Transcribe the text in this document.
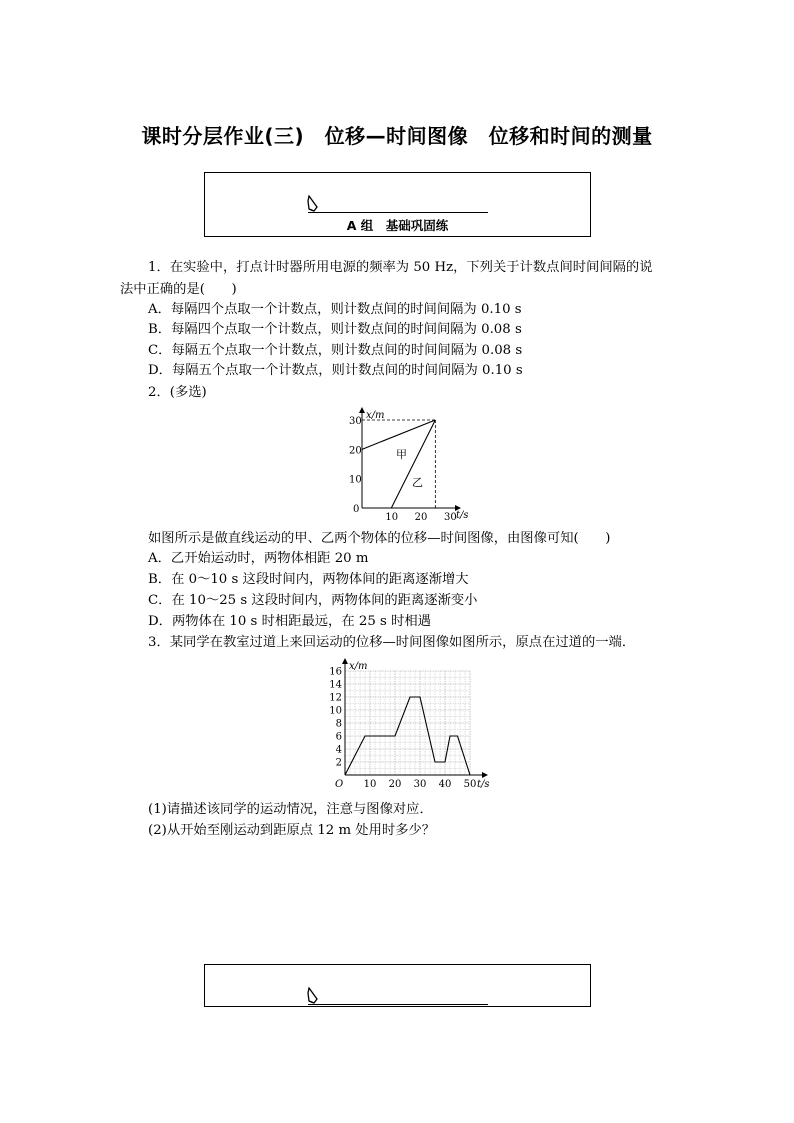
课时分层作业(三)　位移—时间图像　位移和时间的测量
A 组　基础巩固练
1．在实验中，打点计时器所用电源的频率为 50 Hz，下列关于计数点间时间间隔的说
法中正确的是(　　)
A．每隔四个点取一个计数点，则计数点间的时间间隔为 0.10 s
B．每隔四个点取一个计数点，则计数点间的时间间隔为 0.08 s
C．每隔五个点取一个计数点，则计数点间的时间间隔为 0.08 s
D．每隔五个点取一个计数点，则计数点间的时间间隔为 0.10 s
2．(多选)
x/m
t/s
0
10
20
30
10 20 30
甲
乙
如图所示是做直线运动的甲、乙两个物体的位移—时间图像，由图像可知(　　)
A．乙开始运动时，两物体相距 20 m
B．在 0～10 s 这段时间内，两物体间的距离逐渐增大
C．在 10～25 s 这段时间内，两物体间的距离逐渐变小
D．两物体在 10 s 时相距最远，在 25 s 时相遇
3．某同学在教室过道上来回运动的位移—时间图像如图所示，原点在过道的一端．
x/m
t/s
O
2
4
6
8
10
12
14
16
10 20 30 40 50
(1)请描述该同学的运动情况，注意与图像对应．
(2)从开始至刚运动到距原点 12 m 处用时多少？
